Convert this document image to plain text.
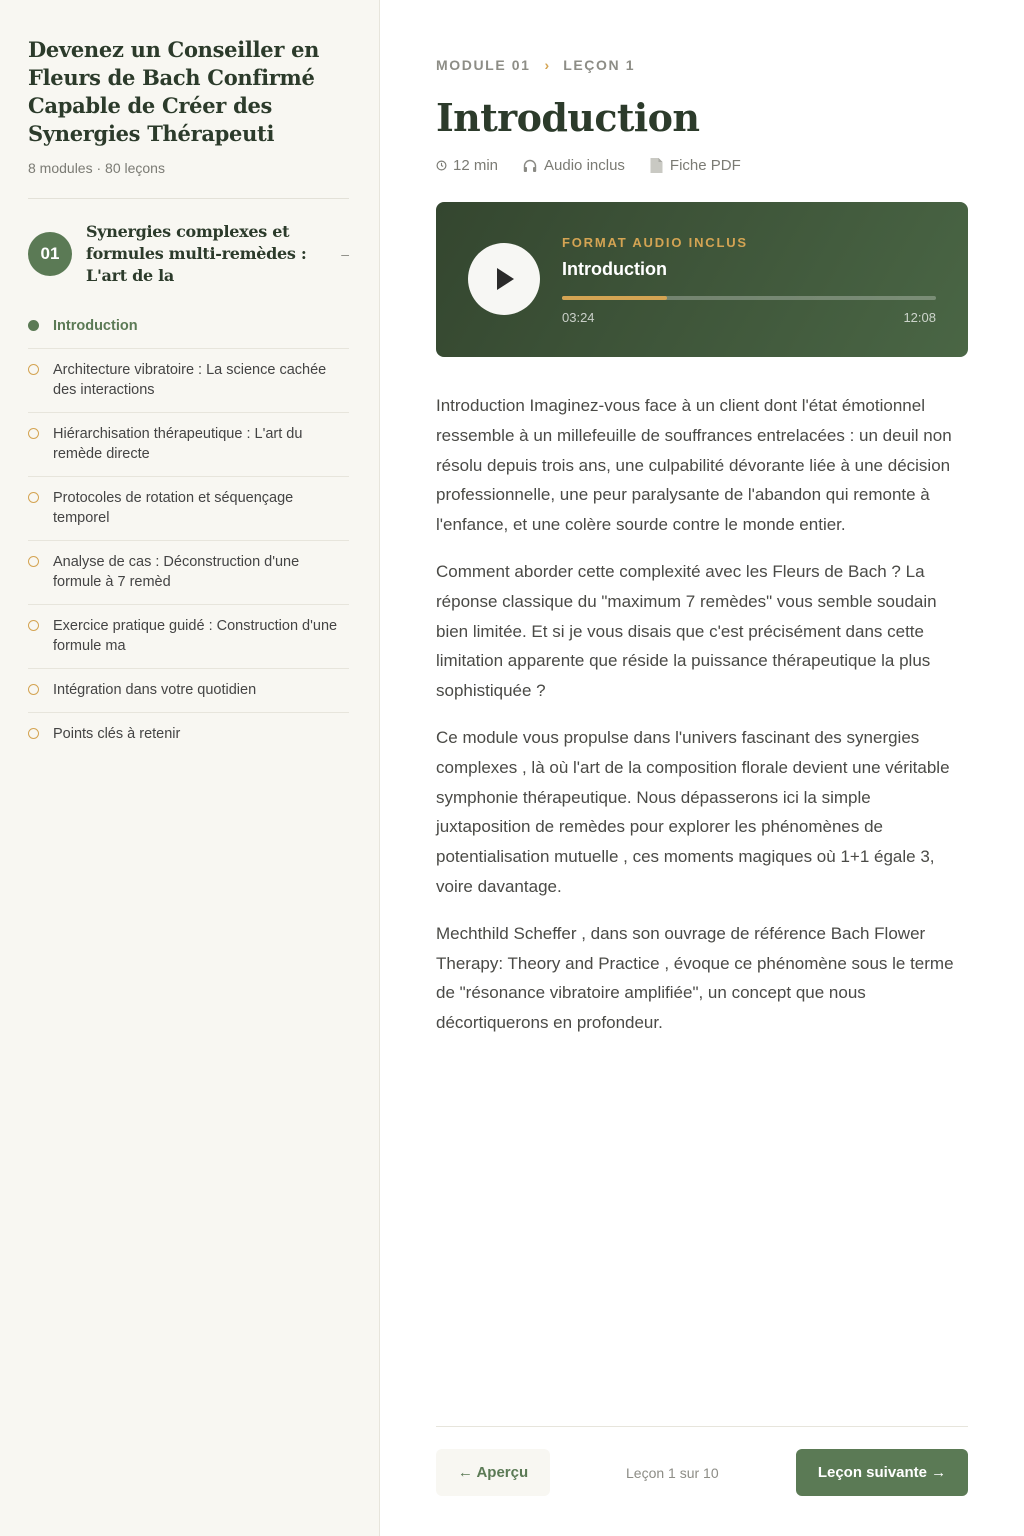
Devenez un Conseiller en Fleurs de Bach Confirmé Capable de Créer des Synergies Thérapeuti
8 modules · 80 leçons
01
Synergies complexes et formules multi-remèdes : L'art de la
–
Introduction
Architecture vibratoire : La science cachée des interactions
Hiérarchisation thérapeutique : L'art du remède directe
Protocoles de rotation et séquençage temporel
Analyse de cas : Déconstruction d'une formule à 7 remèd
Exercice pratique guidé : Construction d'une formule ma
Intégration dans votre quotidien
Points clés à retenir
MODULE 01 › LEÇON 1
Introduction
12 min	Audio inclus	Fiche PDF
FORMAT AUDIO INCLUS
Introduction
03:24	12:08

Introduction Imaginez-vous face à un client dont l'état émotionnel ressemble à un millefeuille de souffrances entrelacées : un deuil non résolu depuis trois ans, une culpabilité dévorante liée à une décision professionnelle, une peur paralysante de l'abandon qui remonte à l'enfance, et une colère sourde contre le monde entier.

Comment aborder cette complexité avec les Fleurs de Bach ? La réponse classique du "maximum 7 remèdes" vous semble soudain bien limitée. Et si je vous disais que c'est précisément dans cette limitation apparente que réside la puissance thérapeutique la plus sophistiquée ?

Ce module vous propulse dans l'univers fascinant des synergies complexes , là où l'art de la composition florale devient une véritable symphonie thérapeutique. Nous dépasserons ici la simple juxtaposition de remèdes pour explorer les phénomènes de potentialisation mutuelle , ces moments magiques où 1+1 égale 3, voire davantage.

Mechthild Scheffer , dans son ouvrage de référence Bach Flower Therapy: Theory and Practice , évoque ce phénomène sous le terme de "résonance vibratoire amplifiée", un concept que nous décortiquerons en profondeur.

← Aperçu	Leçon 1 sur 10	Leçon suivante →
